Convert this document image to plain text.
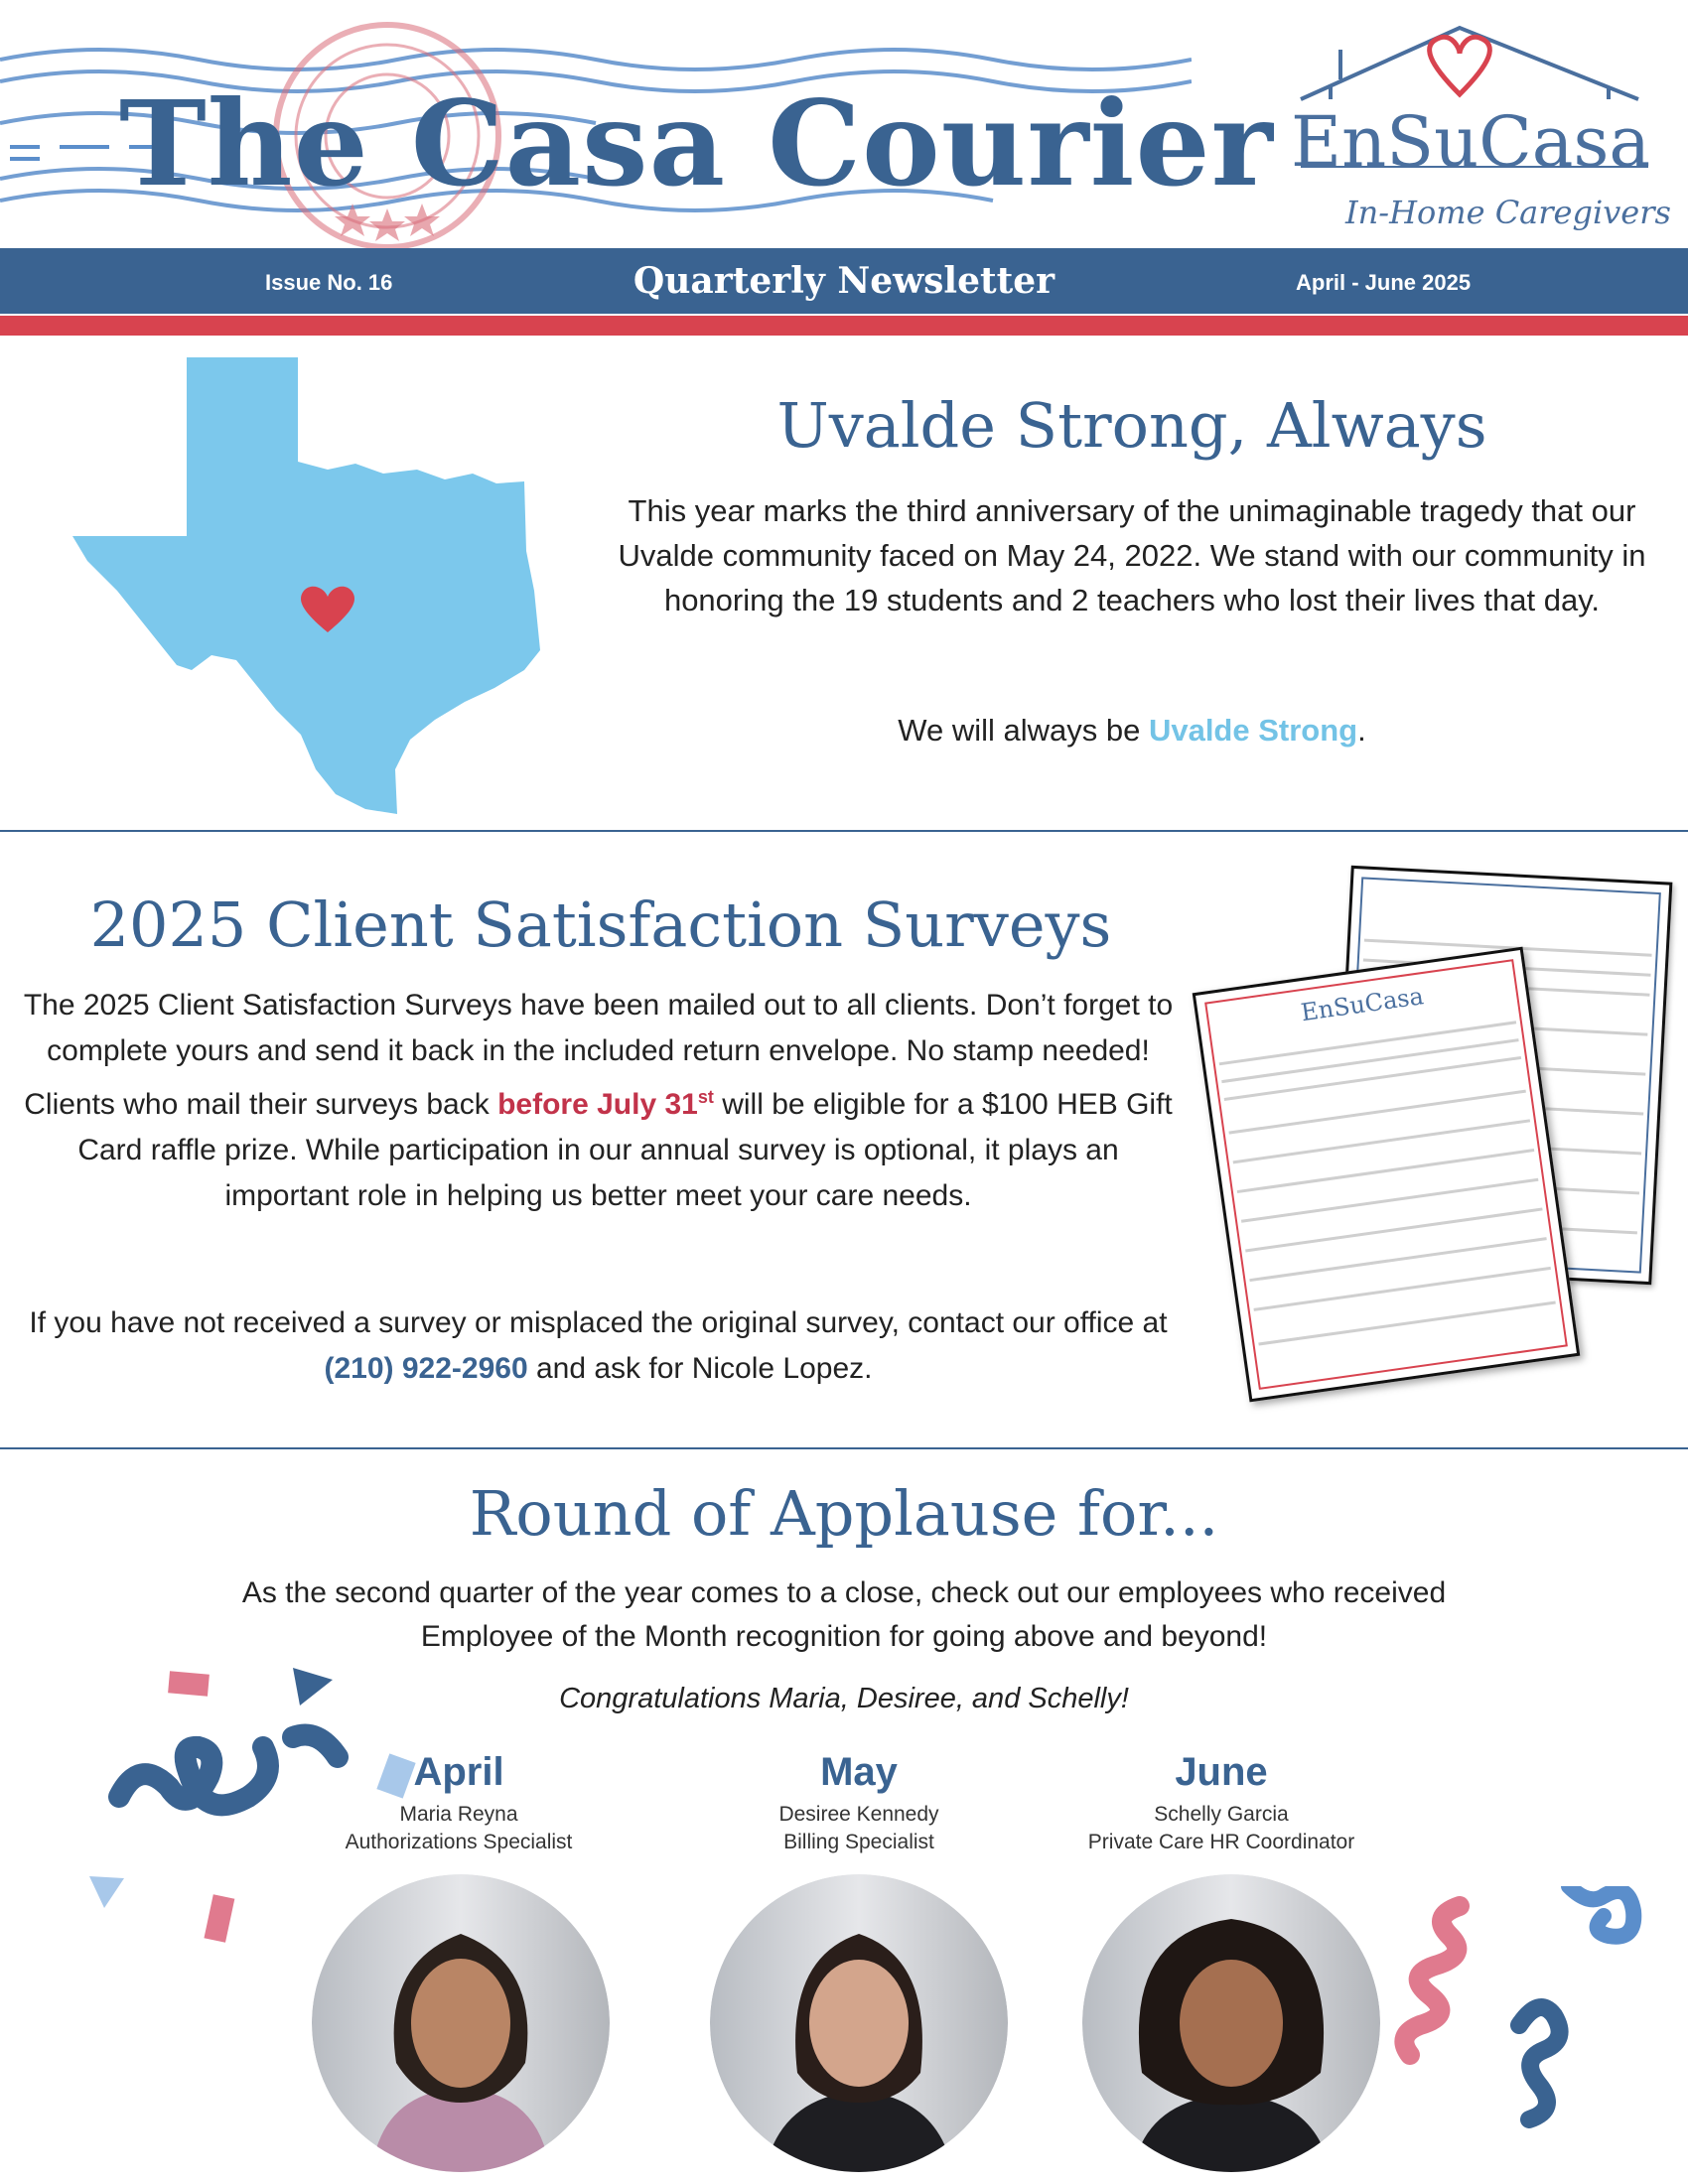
The Casa Courier EnSuCasa
In-Home Caregivers
Issue No. 16	Quarterly Newsletter	April - June 2025
Uvalde Strong, Always
This year marks the third anniversary of the unimaginable tragedy that our Uvalde community faced on May 24, 2022. We stand with our community in honoring the 19 students and 2 teachers who lost their lives that day.
We will always be Uvalde Strong.
2025 Client Satisfaction Surveys
The 2025 Client Satisfaction Surveys have been mailed out to all clients. Don’t forget to complete yours and send it back in the included return envelope. No stamp needed! Clients who mail their surveys back before July 31st will be eligible for a $100 HEB Gift Card raffle prize. While participation in our annual survey is optional, it plays an important role in helping us better meet your care needs.
If you have not received a survey or misplaced the original survey, contact our office at (210) 922-2960 and ask for Nicole Lopez.
EnSuCasa
Round of Applause for...
As the second quarter of the year comes to a close, check out our employees who received Employee of the Month recognition for going above and beyond!
Congratulations Maria, Desiree, and Schelly!
April
Maria Reyna
Authorizations Specialist
May
Desiree Kennedy
Billing Specialist
June
Schelly Garcia
Private Care HR Coordinator
